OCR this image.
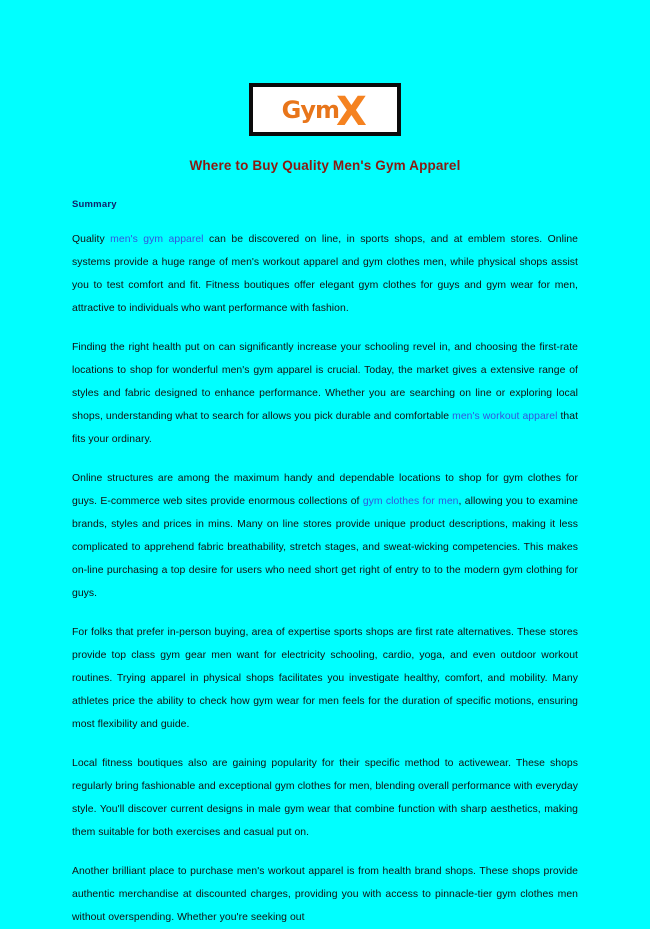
Gym
X
Where to Buy Quality Men's Gym Apparel
Summary

Quality men's gym apparel can be discovered on line, in sports shops, and at emblem stores. Online systems provide a huge range of men's workout apparel and gym clothes men, while physical shops assist you to test comfort and fit. Fitness boutiques offer elegant gym clothes for guys and gym wear for men, attractive to individuals who want performance with fashion.

Finding the right health put on can significantly increase your schooling revel in, and choosing the first-rate locations to shop for wonderful men's gym apparel is crucial. Today, the market gives a extensive range of styles and fabric designed to enhance performance. Whether you are searching on line or exploring local shops, understanding what to search for allows you pick durable and comfortable men's workout apparel that fits your ordinary.

Online structures are among the maximum handy and dependable locations to shop for gym clothes for guys. E-commerce web sites provide enormous collections of gym clothes for men, allowing you to examine brands, styles and prices in mins. Many on line stores provide unique product descriptions, making it less complicated to apprehend fabric breathability, stretch stages, and sweat-wicking competencies. This makes on-line purchasing a top desire for users who need short get right of entry to to the modern gym clothing for guys.

For folks that prefer in-person buying, area of expertise sports shops are first rate alternatives. These stores provide top class gym gear men want for electricity schooling, cardio, yoga, and even outdoor workout routines. Trying apparel in physical shops facilitates you investigate healthy, comfort, and mobility. Many athletes price the ability to check how gym wear for men feels for the duration of specific motions, ensuring most flexibility and guide.

Local fitness boutiques also are gaining popularity for their specific method to activewear. These shops regularly bring fashionable and exceptional gym clothes for men, blending overall performance with everyday style. You'll discover current designs in male gym wear that combine function with sharp aesthetics, making them suitable for both exercises and casual put on.

Another brilliant place to purchase men's workout apparel is from health brand shops. These shops provide authentic merchandise at discounted charges, providing you with access to pinnacle-tier gym clothes men without overspending. Whether you're seeking out
